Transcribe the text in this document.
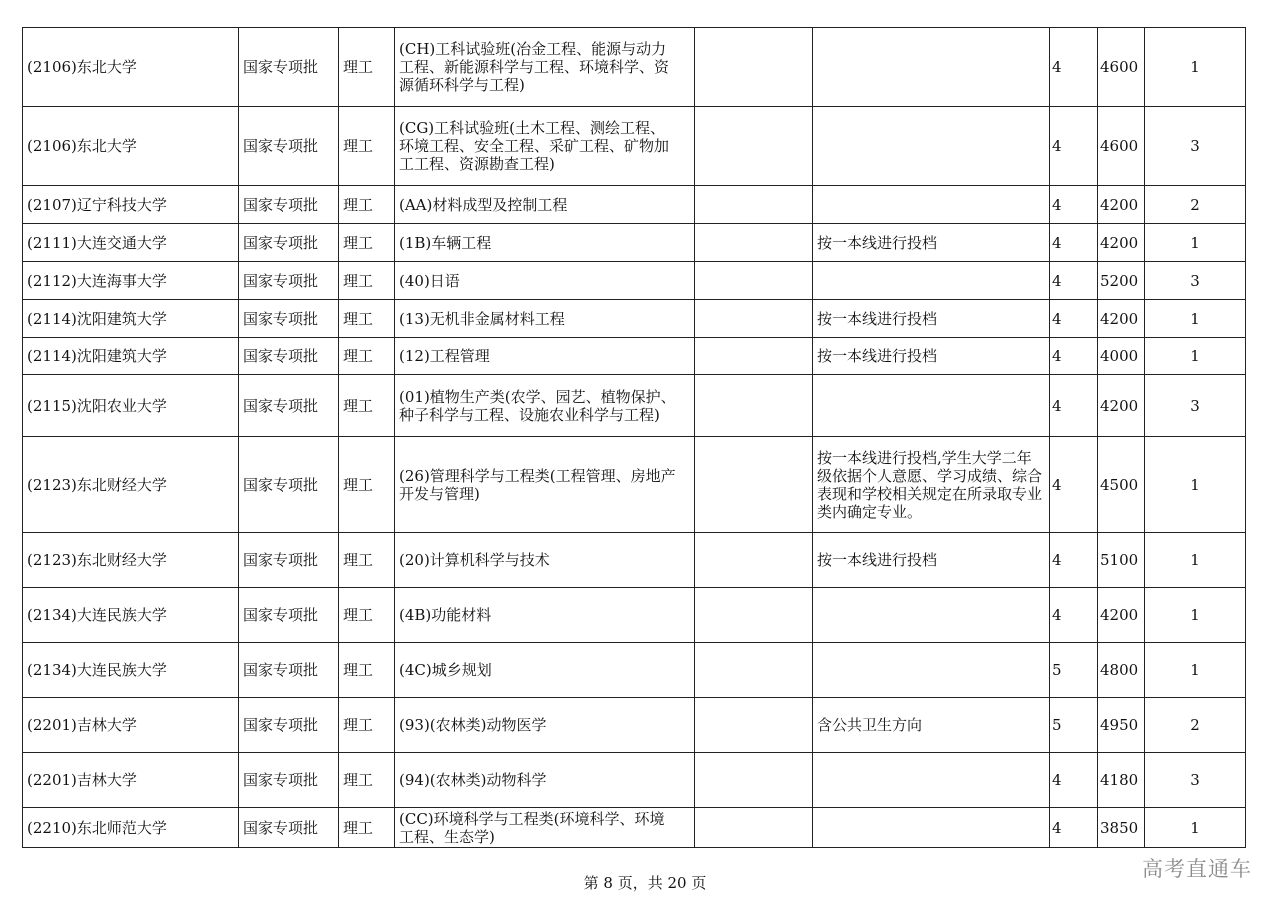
(2106)东北大学	国家专项批	理工	(CH)工科试验班(冶金工程、能源与动力工程、新能源科学与工程、环境科学、资源循环科学与工程)			4	4600	1
(2106)东北大学	国家专项批	理工	(CG)工科试验班(土木工程、测绘工程、环境工程、安全工程、采矿工程、矿物加工工程、资源勘查工程)			4	4600	3
(2107)辽宁科技大学	国家专项批	理工	(AA)材料成型及控制工程			4	4200	2
(2111)大连交通大学	国家专项批	理工	(1B)车辆工程		按一本线进行投档	4	4200	1
(2112)大连海事大学	国家专项批	理工	(40)日语			4	5200	3
(2114)沈阳建筑大学	国家专项批	理工	(13)无机非金属材料工程		按一本线进行投档	4	4200	1
(2114)沈阳建筑大学	国家专项批	理工	(12)工程管理		按一本线进行投档	4	4000	1
(2115)沈阳农业大学	国家专项批	理工	(01)植物生产类(农学、园艺、植物保护、种子科学与工程、设施农业科学与工程)			4	4200	3
(2123)东北财经大学	国家专项批	理工	(26)管理科学与工程类(工程管理、房地产开发与管理)		按一本线进行投档,学生大学二年级依据个人意愿、学习成绩、综合表现和学校相关规定在所录取专业类内确定专业。	4	4500	1
(2123)东北财经大学	国家专项批	理工	(20)计算机科学与技术		按一本线进行投档	4	5100	1
(2134)大连民族大学	国家专项批	理工	(4B)功能材料			4	4200	1
(2134)大连民族大学	国家专项批	理工	(4C)城乡规划			5	4800	1
(2201)吉林大学	国家专项批	理工	(93)(农林类)动物医学		含公共卫生方向	5	4950	2
(2201)吉林大学	国家专项批	理工	(94)(农林类)动物科学			4	4180	3
(2210)东北师范大学	国家专项批	理工	(CC)环境科学与工程类(环境科学、环境工程、生态学)			4	3850	1
高考直通车
第 8 页，共 20 页
